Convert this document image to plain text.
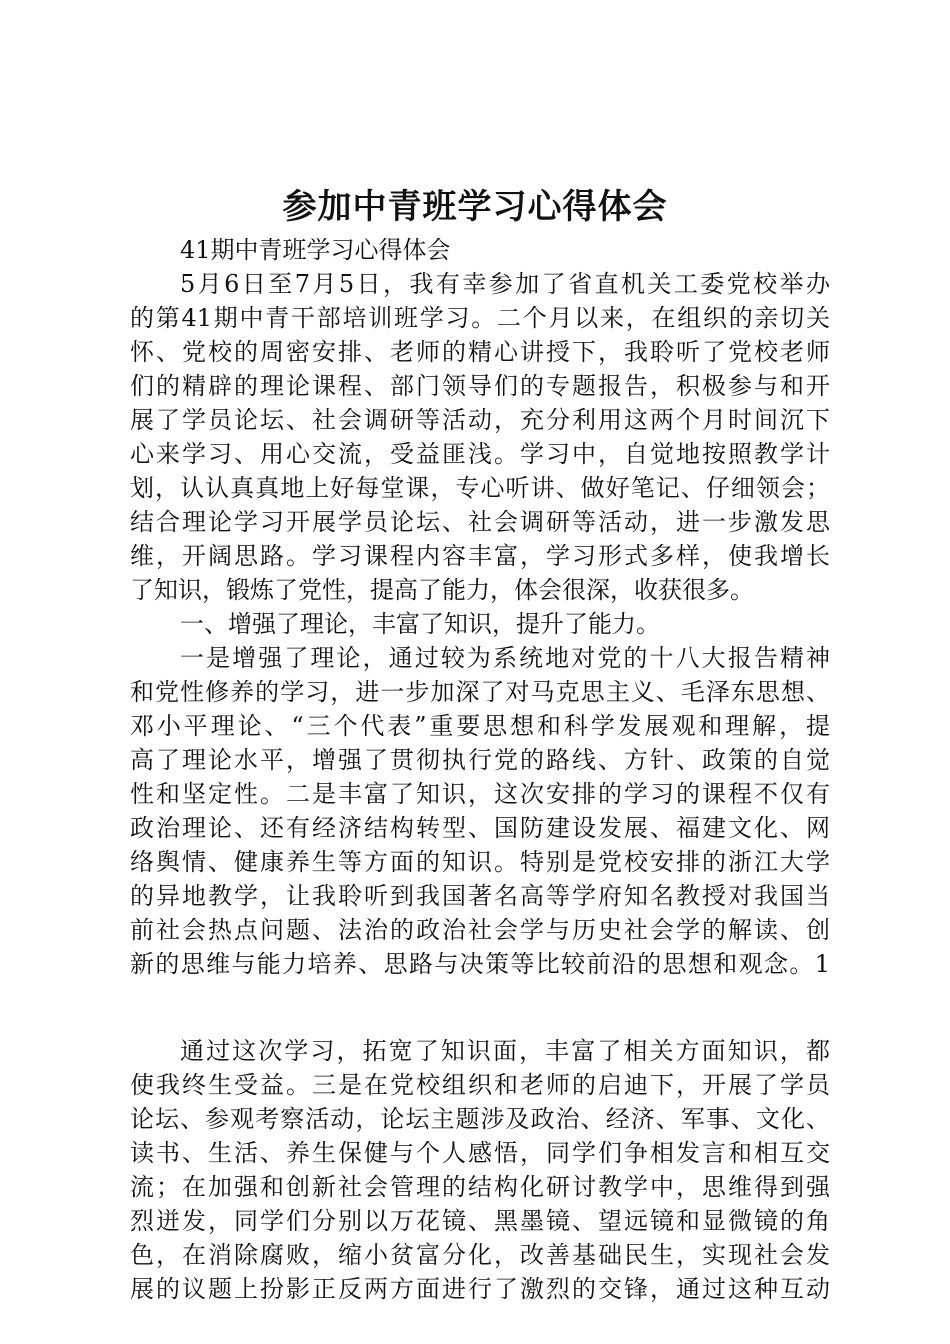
参加中青班学习心得体会
41期中青班学习心得体会
5月6日至7月5日，我有幸参加了省直机关工委党校举办
的第41期中青干部培训班学习。二个月以来，在组织的亲切关
怀、党校的周密安排、老师的精心讲授下，我聆听了党校老师
们的精辟的理论课程、部门领导们的专题报告，积极参与和开
展了学员论坛、社会调研等活动，充分利用这两个月时间沉下
心来学习、用心交流，受益匪浅。学习中，自觉地按照教学计
划，认认真真地上好每堂课，专心听讲、做好笔记、仔细领会；
结合理论学习开展学员论坛、社会调研等活动，进一步激发思
维，开阔思路。学习课程内容丰富，学习形式多样，使我增长
了知识，锻炼了党性，提高了能力，体会很深，收获很多。
一、增强了理论，丰富了知识，提升了能力。
一是增强了理论，通过较为系统地对党的十八大报告精神
和党性修养的学习，进一步加深了对马克思主义、毛泽东思想、
邓小平理论、“三个代表”重要思想和科学发展观和理解，提
高了理论水平，增强了贯彻执行党的路线、方针、政策的自觉
性和坚定性。二是丰富了知识，这次安排的学习的课程不仅有
政治理论、还有经济结构转型、国防建设发展、福建文化、网
络舆情、健康养生等方面的知识。特别是党校安排的浙江大学
的异地教学，让我聆听到我国著名高等学府知名教授对我国当
前社会热点问题、法治的政治社会学与历史社会学的解读、创
新的思维与能力培养、思路与决策等比较前沿的思想和观念。1
通过这次学习，拓宽了知识面，丰富了相关方面知识，都
使我终生受益。三是在党校组织和老师的启迪下，开展了学员
论坛、参观考察活动，论坛主题涉及政治、经济、军事、文化、
读书、生活、养生保健与个人感悟，同学们争相发言和相互交
流；在加强和创新社会管理的结构化研讨教学中，思维得到强
烈迸发，同学们分别以万花镜、黑墨镜、望远镜和显微镜的角
色，在消除腐败，缩小贫富分化，改善基础民生，实现社会发
展的议题上扮影正反两方面进行了激烈的交锋，通过这种互动
